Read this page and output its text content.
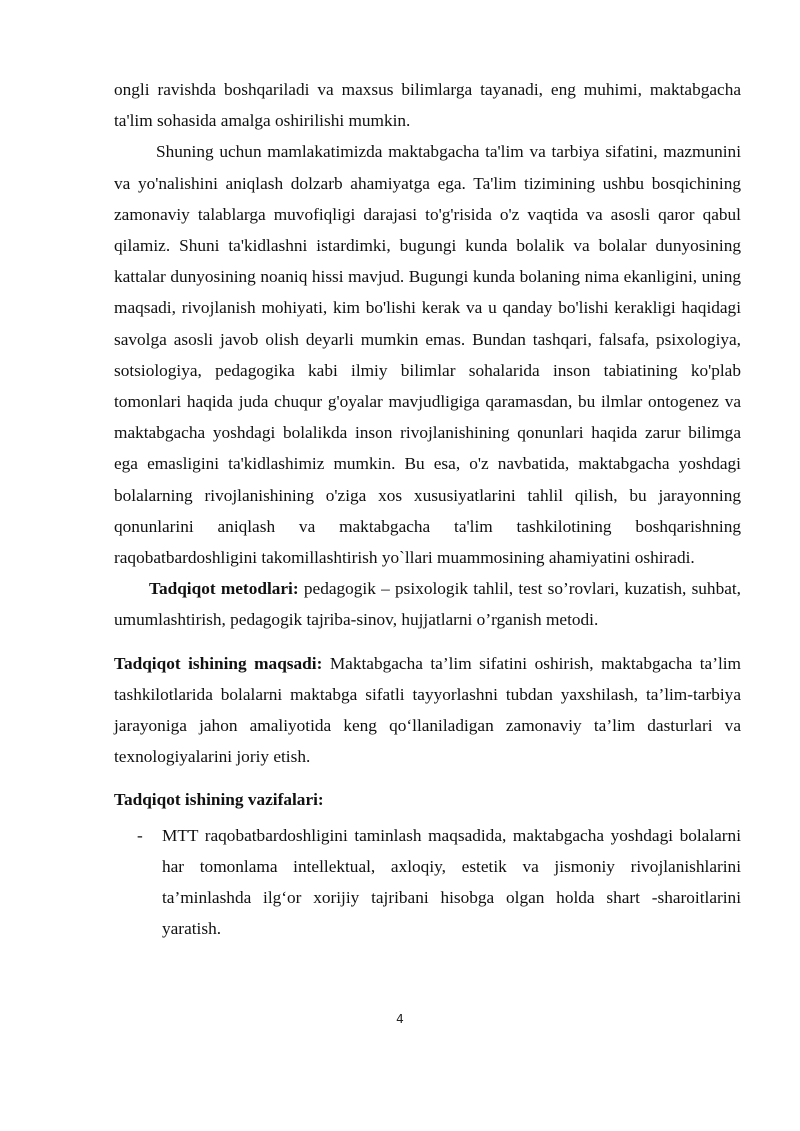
ongli ravishda boshqariladi va maxsus bilimlarga tayanadi, eng muhimi, maktabgacha ta'lim sohasida amalga oshirilishi mumkin.

Shuning uchun mamlakatimizda maktabgacha ta'lim va tarbiya sifatini, mazmunini va yo'nalishini aniqlash dolzarb ahamiyatga ega. Ta'lim tizimining ushbu bosqichining zamonaviy talablarga muvofiqligi darajasi to'g'risida o'z vaqtida va asosli qaror qabul qilamiz. Shuni ta'kidlashni istardimki, bugungi kunda bolalik va bolalar dunyosining kattalar dunyosining noaniq hissi mavjud. Bugungi kunda bolaning nima ekanligini, uning maqsadi, rivojlanish mohiyati, kim bo'lishi kerak va u qanday bo'lishi kerakligi haqidagi savolga asosli javob olish deyarli mumkin emas. Bundan tashqari, falsafa, psixologiya, sotsiologiya, pedagogika kabi ilmiy bilimlar sohalarida inson tabiatining ko'plab tomonlari haqida juda chuqur g'oyalar mavjudligiga qaramasdan, bu ilmlar ontogenez va maktabgacha yoshdagi bolalikda inson rivojlanishining qonunlari haqida zarur bilimga ega emasligini ta'kidlashimiz mumkin. Bu esa, o'z navbatida, maktabgacha yoshdagi bolalarning rivojlanishining o'ziga xos xususiyatlarini tahlil qilish, bu jarayonning qonunlarini aniqlash va maktabgacha ta'lim tashkilotining boshqarishning raqobatbardoshligini takomillashtirish yo`llari muammosining ahamiyatini oshiradi.

Tadqiqot metodlari: pedagogik – psixologik tahlil, test so’rovlari, kuzatish, suhbat, umumlashtirish, pedagogik tajriba-sinov, hujjatlarni o’rganish metodi.

Tadqiqot ishining maqsadi: Maktabgacha ta’lim sifatini oshirish, maktabgacha ta’lim tashkilotlarida bolalarni maktabga sifatli tayyorlashni tubdan yaxshilash, ta’lim-tarbiya jarayoniga jahon amaliyotida keng qo‘llaniladigan zamonaviy ta’lim dasturlari va texnologiyalarini joriy etish.

Tadqiqot ishining vazifalari:

- MTT raqobatbardoshligini taminlash maqsadida, maktabgacha yoshdagi bolalarni har tomonlama intellektual, axloqiy, estetik va jismoniy rivojlanishlarini ta’minlashda ilg‘or xorijiy tajribani hisobga olgan holda shart -sharoitlarini yaratish.

4
